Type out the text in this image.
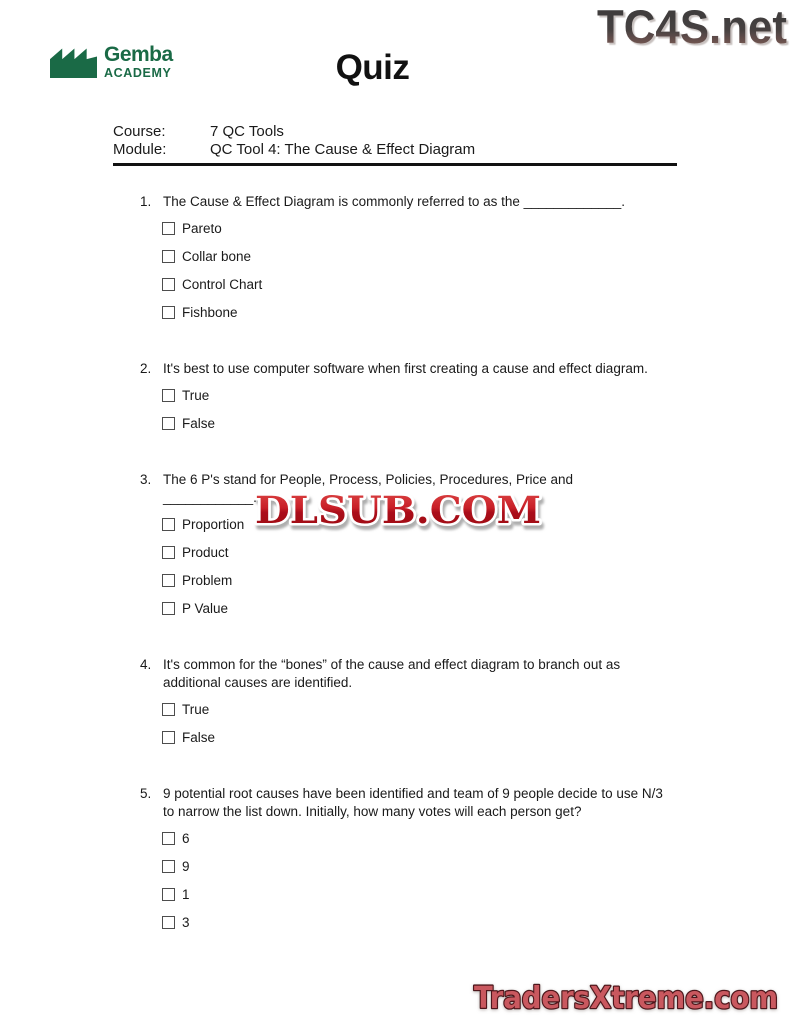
TC4S.net
Gemba
ACADEMY	Quiz
Course:	7 QC Tools
Module:	QC Tool 4: The Cause & Effect Diagram
1. The Cause & Effect Diagram is commonly referred to as the _____________.
Pareto
Collar bone
Control Chart
Fishbone
2. It's best to use computer software when first creating a cause and effect diagram.
True
False
3. The 6 P's stand for People, Process, Policies, Procedures, Price and ____________.
Proportion
Product
Problem
P Value
4. It's common for the “bones” of the cause and effect diagram to branch out as additional causes are identified.
True
False
5. 9 potential root causes have been identified and team of 9 people decide to use N/3 to narrow the list down. Initially, how many votes will each person get?
6
9
1
3
DLSUB.COM
TradersXtreme.com
